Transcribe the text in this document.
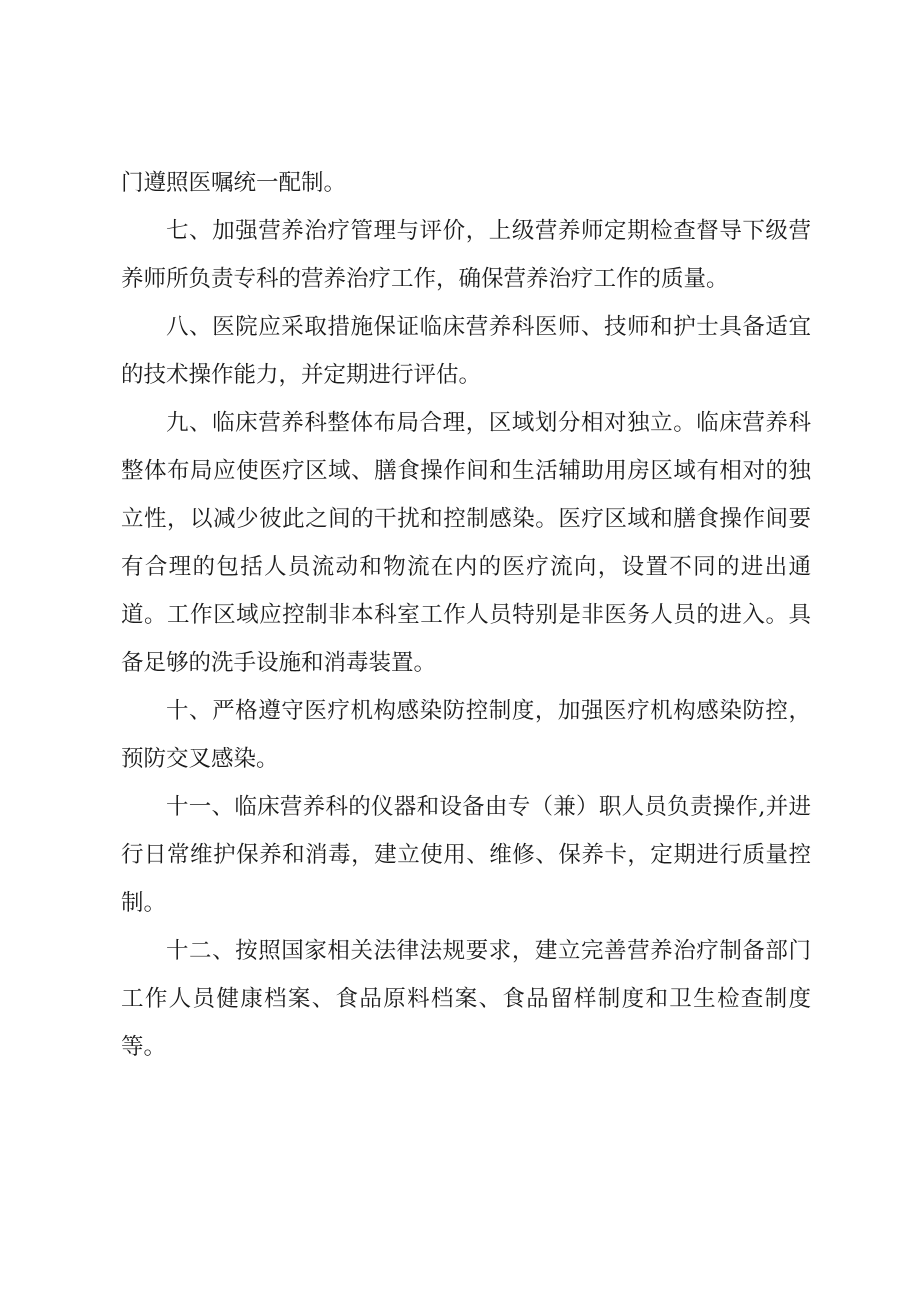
门遵照医嘱统一配制。

七、加强营养治疗管理与评价，上级营养师定期检查督导下级营养师所负责专科的营养治疗工作，确保营养治疗工作的质量。

八、医院应采取措施保证临床营养科医师、技师和护士具备适宜的技术操作能力，并定期进行评估。

九、临床营养科整体布局合理，区域划分相对独立。临床营养科整体布局应使医疗区域、膳食操作间和生活辅助用房区域有相对的独立性，以减少彼此之间的干扰和控制感染。医疗区域和膳食操作间要有合理的包括人员流动和物流在内的医疗流向，设置不同的进出通道。工作区域应控制非本科室工作人员特别是非医务人员的进入。具备足够的洗手设施和消毒装置。

十、严格遵守医疗机构感染防控制度，加强医疗机构感染防控，预防交叉感染。

十一、临床营养科的仪器和设备由专（兼）职人员负责操作,并进行日常维护保养和消毒，建立使用、维修、保养卡，定期进行质量控制。

十二、按照国家相关法律法规要求，建立完善营养治疗制备部门工作人员健康档案、食品原料档案、食品留样制度和卫生检查制度等。
